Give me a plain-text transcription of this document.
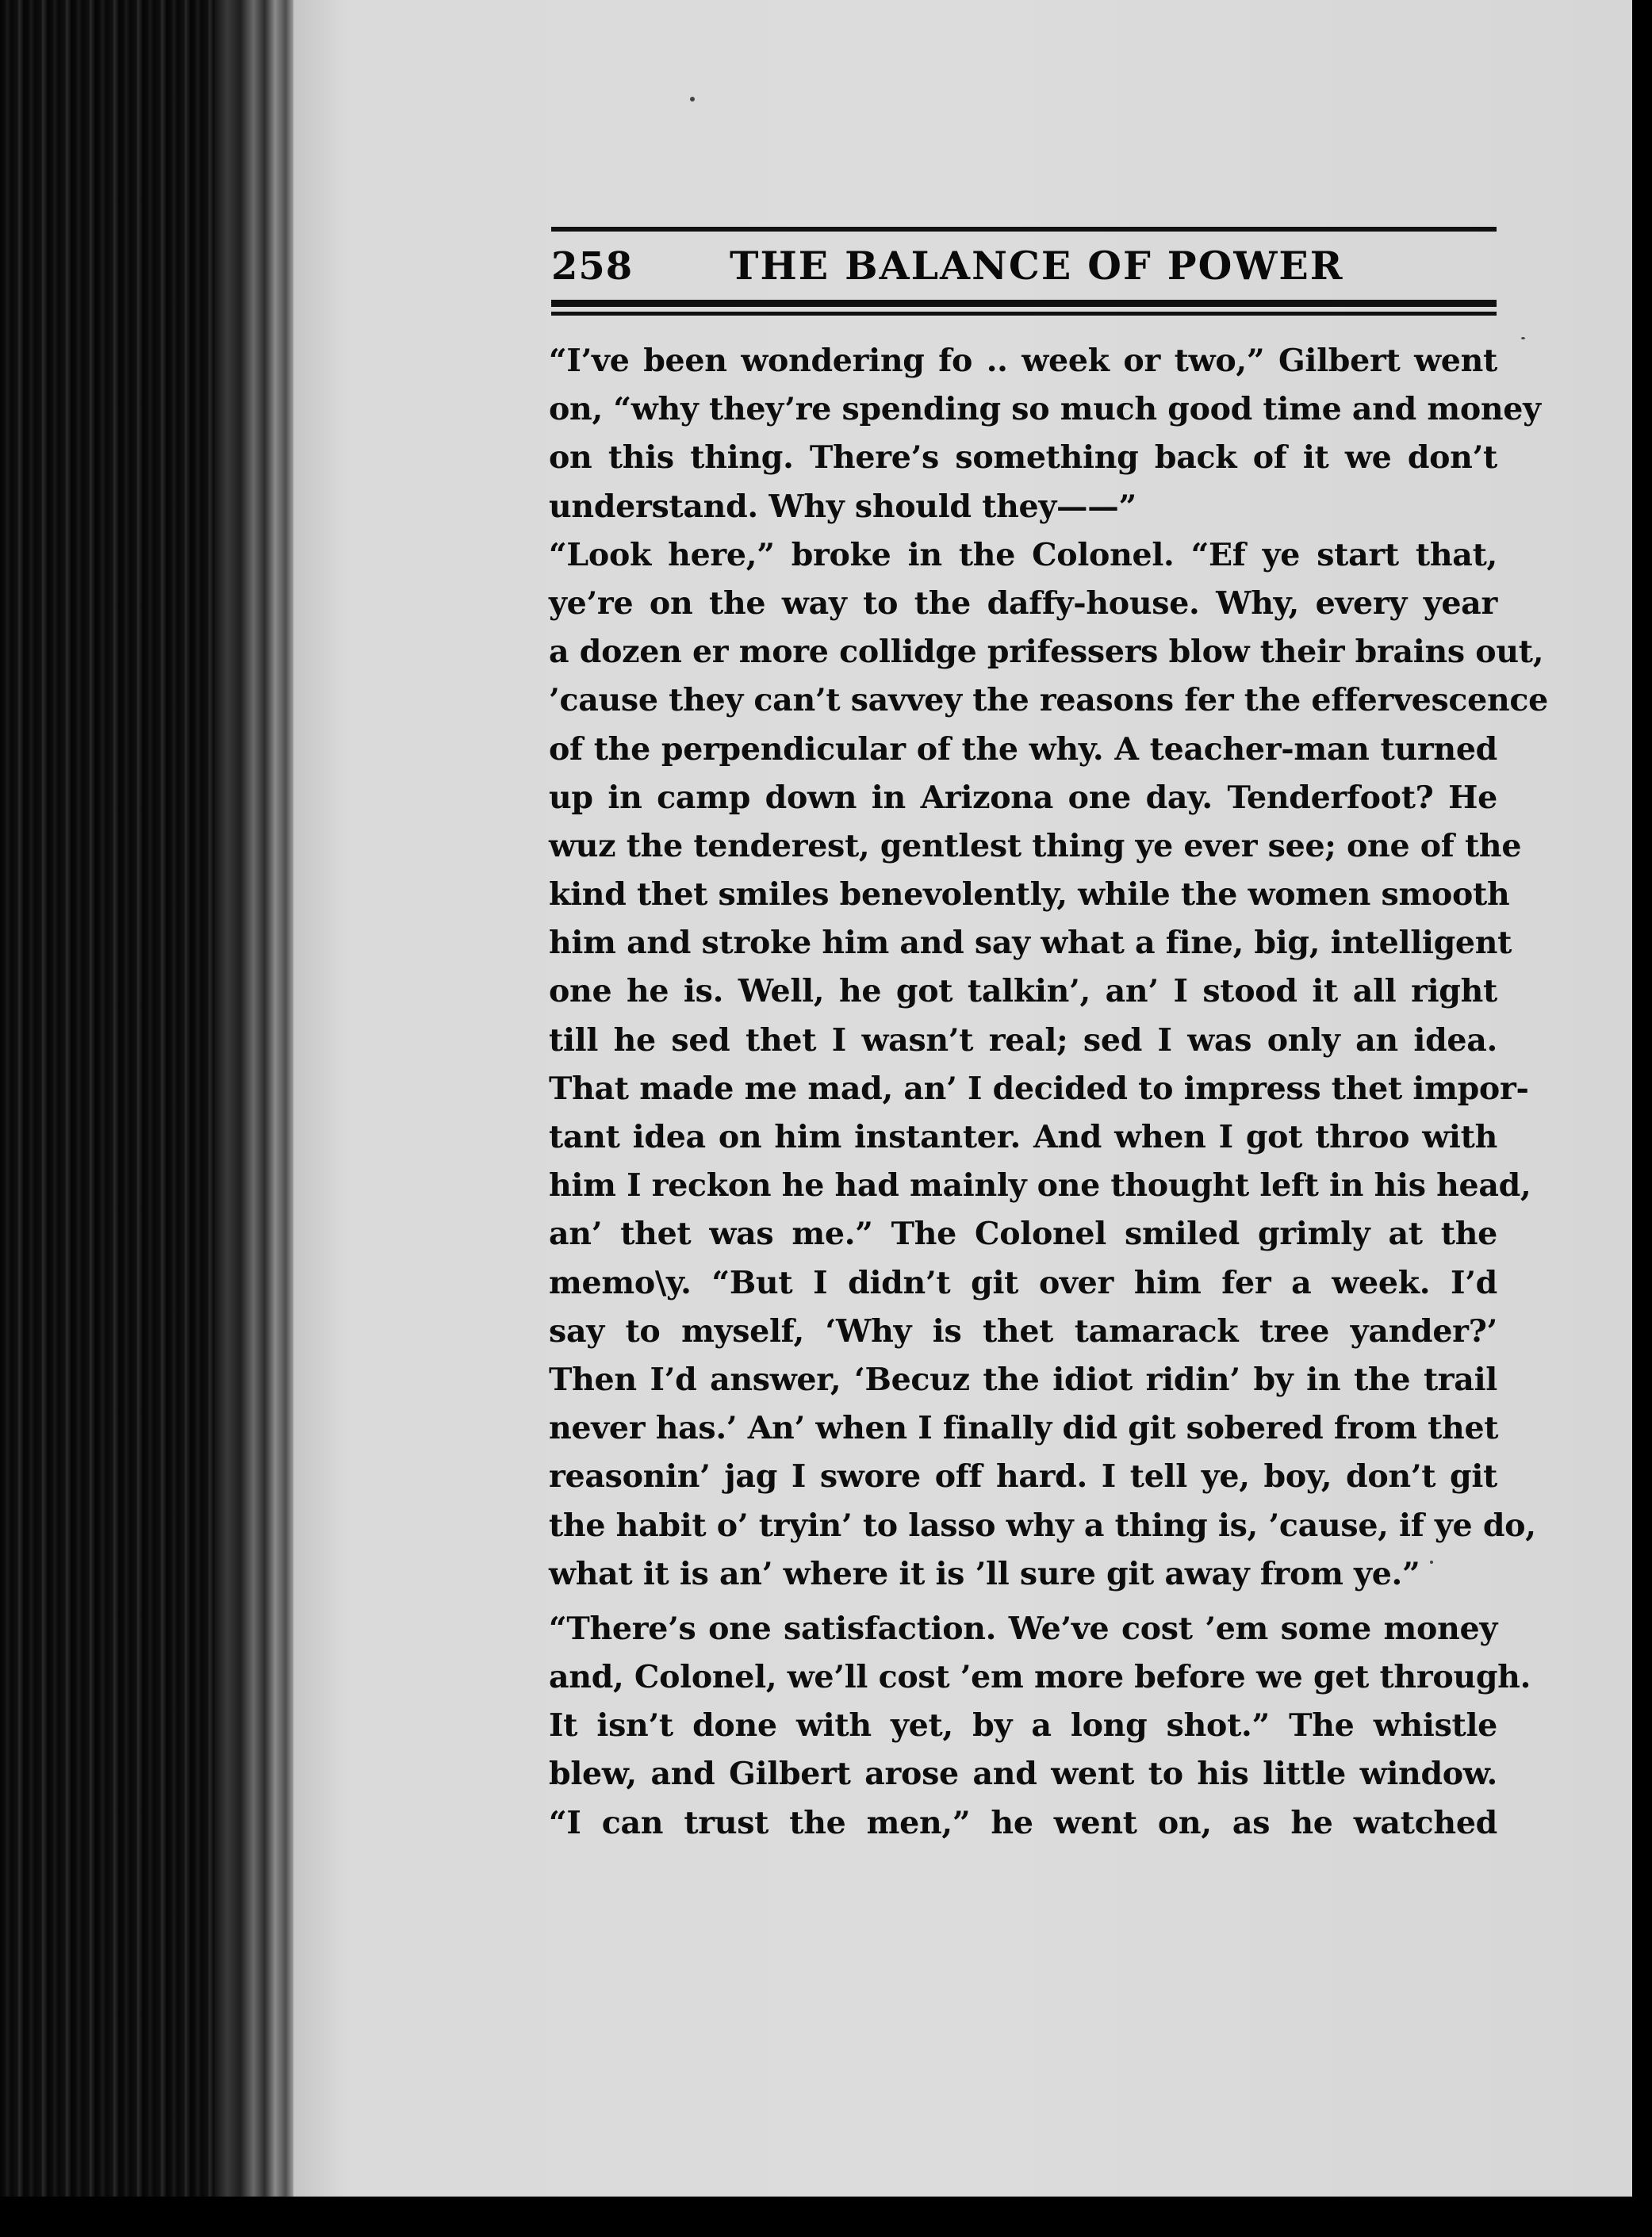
258 THE BALANCE OF POWER
“I’ve been wondering fo .. week or two,” Gilbert went
on, “why they’re spending so much good time and money
on this thing. There’s something back of it we don’t
understand. Why should they——”
“Look here,” broke in the Colonel. “Ef ye start that,
ye’re on the way to the daffy-house. Why, every year
a dozen er more collidge prifessers blow their brains out,
’cause they can’t savvey the reasons fer the effervescence
of the perpendicular of the why. A teacher-man turned
up in camp down in Arizona one day. Tenderfoot? He
wuz the tenderest, gentlest thing ye ever see; one of the
kind thet smiles benevolently, while the women smooth
him and stroke him and say what a fine, big, intelligent
one he is. Well, he got talkin’, an’ I stood it all right
till he sed thet I wasn’t real; sed I was only an idea.
That made me mad, an’ I decided to impress thet impor-
tant idea on him instanter. And when I got throo with
him I reckon he had mainly one thought left in his head,
an’ thet was me.” The Colonel smiled grimly at the
memo\y. “But I didn’t git over him fer a week. I’d
say to myself, ‘Why is thet tamarack tree yander?’
Then I’d answer, ‘Becuz the idiot ridin’ by in the trail
never has.’ An’ when I finally did git sobered from thet
reasonin’ jag I swore off hard. I tell ye, boy, don’t git
the habit o’ tryin’ to lasso why a thing is, ’cause, if ye do,
what it is an’ where it is ’ll sure git away from ye.”
“There’s one satisfaction. We’ve cost ’em some money
and, Colonel, we’ll cost ’em more before we get through.
It isn’t done with yet, by a long shot.” The whistle
blew, and Gilbert arose and went to his little window.
“I can trust the men,” he went on, as he watched
